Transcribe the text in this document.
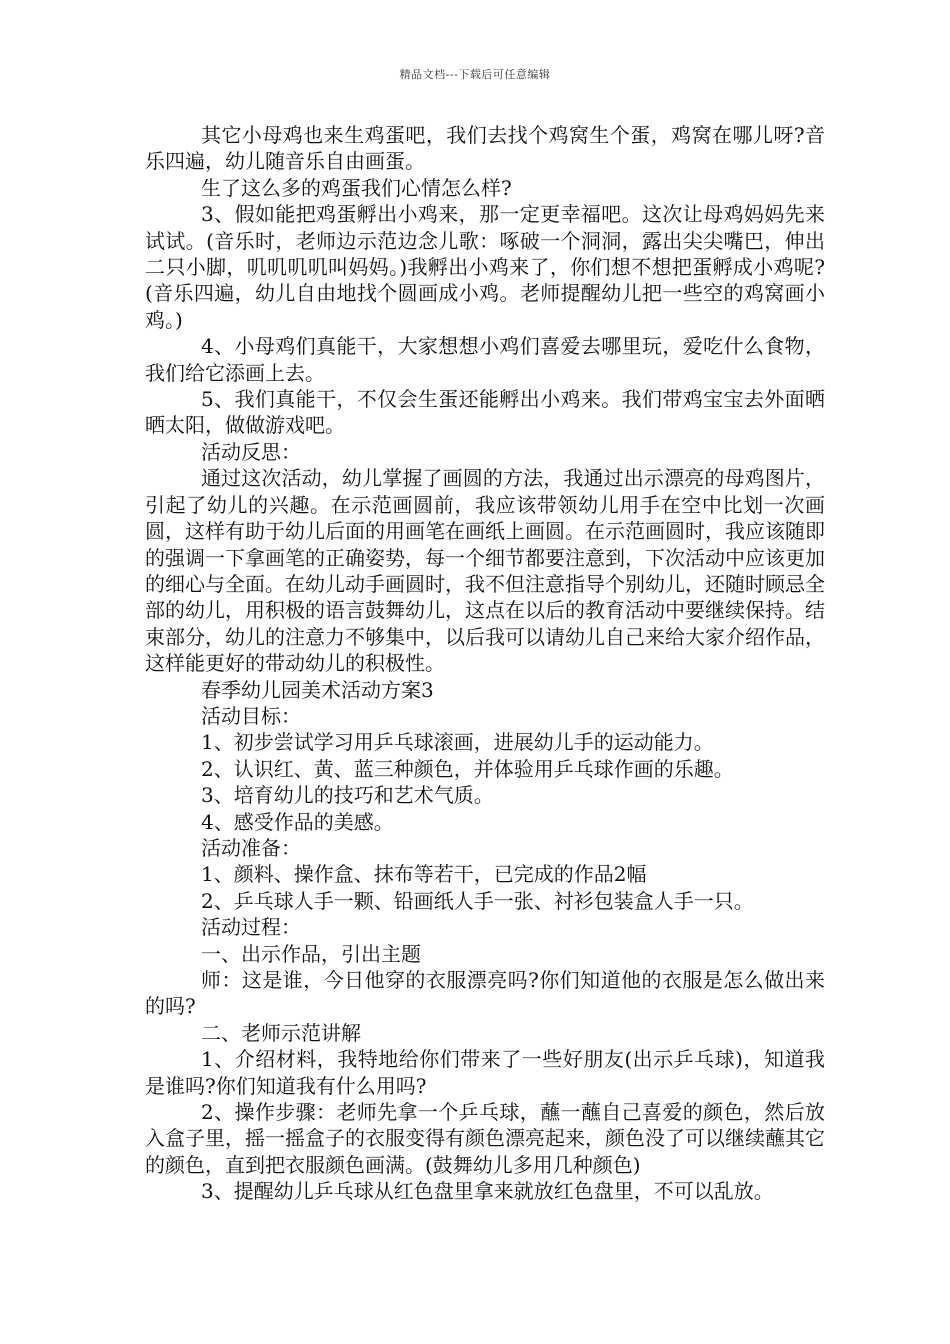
精品文档---下载后可任意编辑

其它小母鸡也来生鸡蛋吧，我们去找个鸡窝生个蛋，鸡窝在哪儿呀?音乐四遍，幼儿随音乐自由画蛋。

生了这么多的鸡蛋我们心情怎么样?

3、假如能把鸡蛋孵出小鸡来，那一定更幸福吧。这次让母鸡妈妈先来试试。(音乐时，老师边示范边念儿歌：啄破一个洞洞，露出尖尖嘴巴，伸出二只小脚，叽叽叽叽叫妈妈。)我孵出小鸡来了，你们想不想把蛋孵成小鸡呢?(音乐四遍，幼儿自由地找个圆画成小鸡。老师提醒幼儿把一些空的鸡窝画小鸡。)

4、小母鸡们真能干，大家想想小鸡们喜爱去哪里玩，爱吃什么食物，我们给它添画上去。

5、我们真能干，不仅会生蛋还能孵出小鸡来。我们带鸡宝宝去外面晒晒太阳，做做游戏吧。

活动反思：

通过这次活动，幼儿掌握了画圆的方法，我通过出示漂亮的母鸡图片，引起了幼儿的兴趣。在示范画圆前，我应该带领幼儿用手在空中比划一次画圆，这样有助于幼儿后面的用画笔在画纸上画圆。在示范画圆时，我应该随即的强调一下拿画笔的正确姿势，每一个细节都要注意到，下次活动中应该更加的细心与全面。在幼儿动手画圆时，我不但注意指导个别幼儿，还随时顾忌全部的幼儿，用积极的语言鼓舞幼儿，这点在以后的教育活动中要继续保持。结束部分，幼儿的注意力不够集中，以后我可以请幼儿自己来给大家介绍作品，这样能更好的带动幼儿的积极性。

春季幼儿园美术活动方案3

活动目标：

1、初步尝试学习用乒乓球滚画，进展幼儿手的运动能力。

2、认识红、黄、蓝三种颜色，并体验用乒乓球作画的乐趣。

3、培育幼儿的技巧和艺术气质。

4、感受作品的美感。

活动准备：

1、颜料、操作盒、抹布等若干，已完成的作品2幅

2、乒乓球人手一颗、铅画纸人手一张、衬衫包装盒人手一只。

活动过程：

一、出示作品，引出主题

师：这是谁，今日他穿的衣服漂亮吗?你们知道他的衣服是怎么做出来的吗?

二、老师示范讲解

1、介绍材料，我特地给你们带来了一些好朋友(出示乒乓球)，知道我是谁吗?你们知道我有什么用吗?

2、操作步骤：老师先拿一个乒乓球，蘸一蘸自己喜爱的颜色，然后放入盒子里，摇一摇盒子的衣服变得有颜色漂亮起来，颜色没了可以继续蘸其它的颜色，直到把衣服颜色画满。(鼓舞幼儿多用几种颜色)

3、提醒幼儿乒乓球从红色盘里拿来就放红色盘里，不可以乱放。
